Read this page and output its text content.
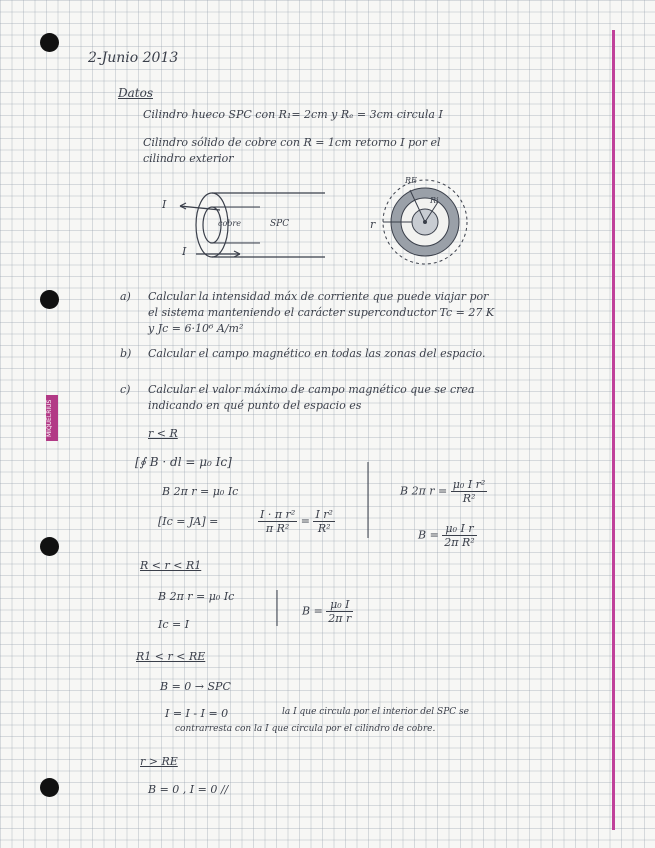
MIQUELRIUS
2-Junio 2013
Datos
Cilindro hueco SPC con R₁= 2cm y Rₑ = 3cm circula I
Cilindro sólido de cobre con R = 1cm retorno I por el
cilindro exterior
I
I
cobre	SPC
RE
Ri
r
a) Calcular la intensidad máx de corriente que puede viajar por
el sistema manteniendo el carácter superconductor Tc = 27 K
y Jc = 6·10⁶ A/m²
b) Calcular el campo magnético en todas las zonas del espacio.
c) Calcular el valor máximo de campo magnético que se crea
indicando en qué punto del espacio es
r < R
[∮ B · dl = μ₀ Iᴄ]
B 2π r = μ₀ Ic
[Ic = JA] =	$\frac{\text{I · π r²}}{\text{π R²}} = \frac{\text{I r²}}{\text{R²}}$
B 2π $r = \frac{\text{μ₀ I r²}}{\text{R²}}$
$B = \frac{\text{μ₀ I r}}{\text{2π R²}}$
R < r < R1
B 2π r = μ₀ Ic
Ic = I
$B = \frac{\text{μ₀ I}}{\text{2π r}}$
R1 < r < RE
B = 0 → SPC
I = I - I = 0	la I que circula por el interior del SPC se
contrarresta con la I que circula por el cilindro de cobre.
r > RE
B = 0 , I = 0 //
